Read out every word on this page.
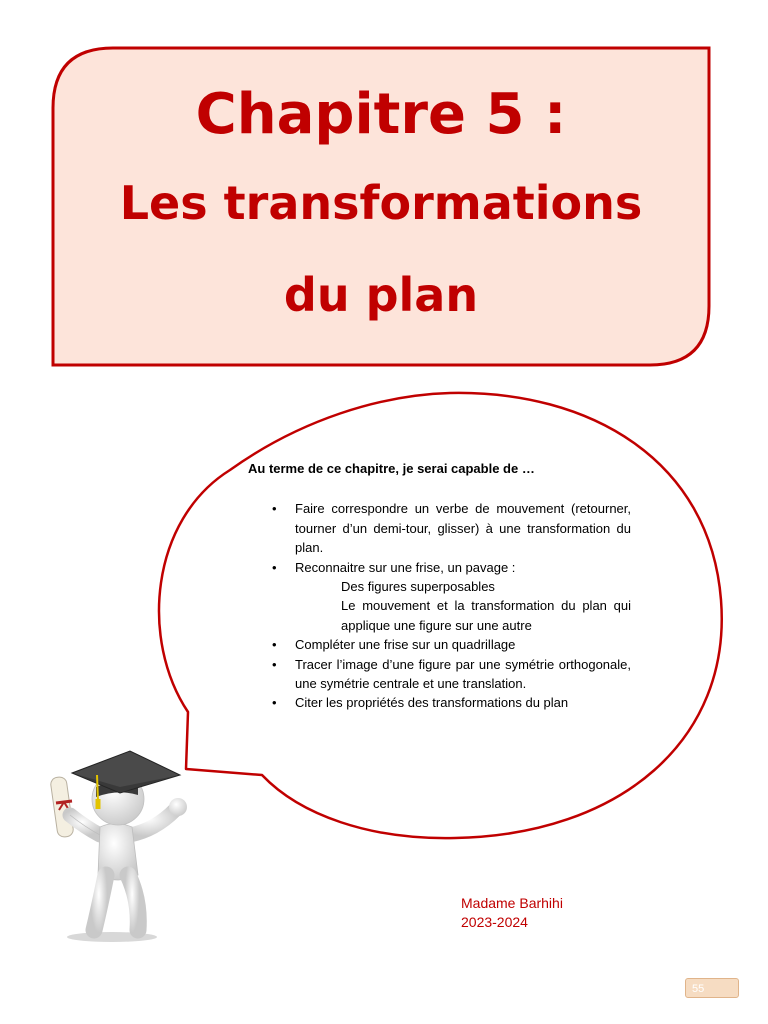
Chapitre 5 :
Les transformations
du plan

Au terme de ce chapitre, je serai capable de …

• Faire correspondre un verbe de mouvement (retourner, tourner d’un demi-tour, glisser) à une transformation du plan.
• Reconnaitre sur une frise, un pavage :
Des figures superposables
Le mouvement et la transformation du plan qui applique une figure sur une autre
• Compléter une frise sur un quadrillage
• Tracer l’image d’une figure par une symétrie orthogonale, une symétrie centrale et une translation.
• Citer les propriétés des transformations du plan
Madame Barhihi
2023-2024
55
